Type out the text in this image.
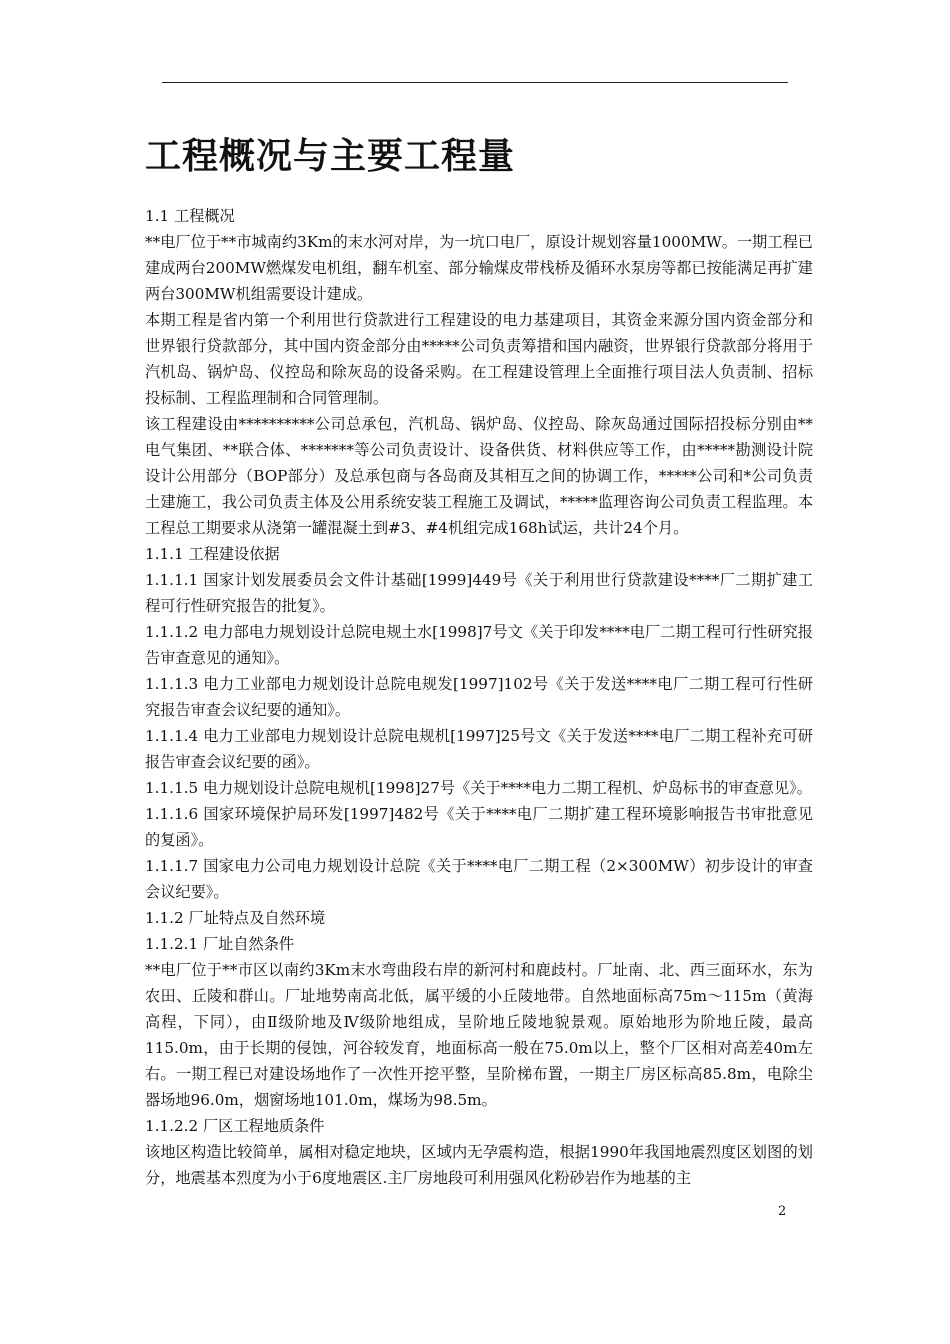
工程概况与主要工程量

1.1 工程概况

**电厂位于**市城南约3Km的末水河对岸，为一坑口电厂，原设计规划容量1000MW。一期工程已建成两台200MW燃煤发电机组，翻车机室、部分输煤皮带栈桥及循环水泵房等都已按能满足再扩建两台300MW机组需要设计建成。

本期工程是省内第一个利用世行贷款进行工程建设的电力基建项目，其资金来源分国内资金部分和世界银行贷款部分，其中国内资金部分由*****公司负责筹措和国内融资，世界银行贷款部分将用于汽机岛、锅炉岛、仪控岛和除灰岛的设备采购。在工程建设管理上全面推行项目法人负责制、招标投标制、工程监理制和合同管理制。

该工程建设由**********公司总承包，汽机岛、锅炉岛、仪控岛、除灰岛通过国际招投标分别由**电气集团、**联合体、*******等公司负责设计、设备供货、材料供应等工作，由*****勘测设计院设计公用部分（BOP部分）及总承包商与各岛商及其相互之间的协调工作，*****公司和*公司负责土建施工，我公司负责主体及公用系统安装工程施工及调试，*****监理咨询公司负责工程监理。本工程总工期要求从浇第一罐混凝土到#3、#4机组完成168h试运，共计24个月。

1.1.1 工程建设依据

1.1.1.1 国家计划发展委员会文件计基础[1999]449号《关于利用世行贷款建设****厂二期扩建工程可行性研究报告的批复》。

1.1.1.2 电力部电力规划设计总院电规土水[1998]7号文《关于印发****电厂二期工程可行性研究报告审查意见的通知》。

1.1.1.3 电力工业部电力规划设计总院电规发[1997]102号《关于发送****电厂二期工程可行性研究报告审查会议纪要的通知》。

1.1.1.4 电力工业部电力规划设计总院电规机[1997]25号文《关于发送****电厂二期工程补充可研报告审查会议纪要的函》。

1.1.1.5 电力规划设计总院电规机[1998]27号《关于****电力二期工程机、炉岛标书的审查意见》。

1.1.1.6 国家环境保护局环发[1997]482号《关于****电厂二期扩建工程环境影响报告书审批意见的复函》。

1.1.1.7 国家电力公司电力规划设计总院《关于****电厂二期工程（2×300MW）初步设计的审查会议纪要》。

1.1.2 厂址特点及自然环境

1.1.2.1 厂址自然条件

**电厂位于**市区以南约3Km末水弯曲段右岸的新河村和鹿歧村。厂址南、北、西三面环水，东为农田、丘陵和群山。厂址地势南高北低，属平缓的小丘陵地带。自然地面标高75m～115m（黄海高程，下同），由Ⅱ级阶地及Ⅳ级阶地组成，呈阶地丘陵地貌景观。原始地形为阶地丘陵，最高115.0m，由于长期的侵蚀，河谷较发育，地面标高一般在75.0m以上，整个厂区相对高差40m左右。一期工程已对建设场地作了一次性开挖平整，呈阶梯布置，一期主厂房区标高85.8m，电除尘器场地96.0m，烟窗场地101.0m，煤场为98.5m。

1.1.2.2 厂区工程地质条件

该地区构造比较简单，属相对稳定地块，区域内无孕震构造，根据1990年我国地震烈度区划图的划分，地震基本烈度为小于6度地震区.主厂房地段可利用强风化粉砂岩作为地基的主

2
